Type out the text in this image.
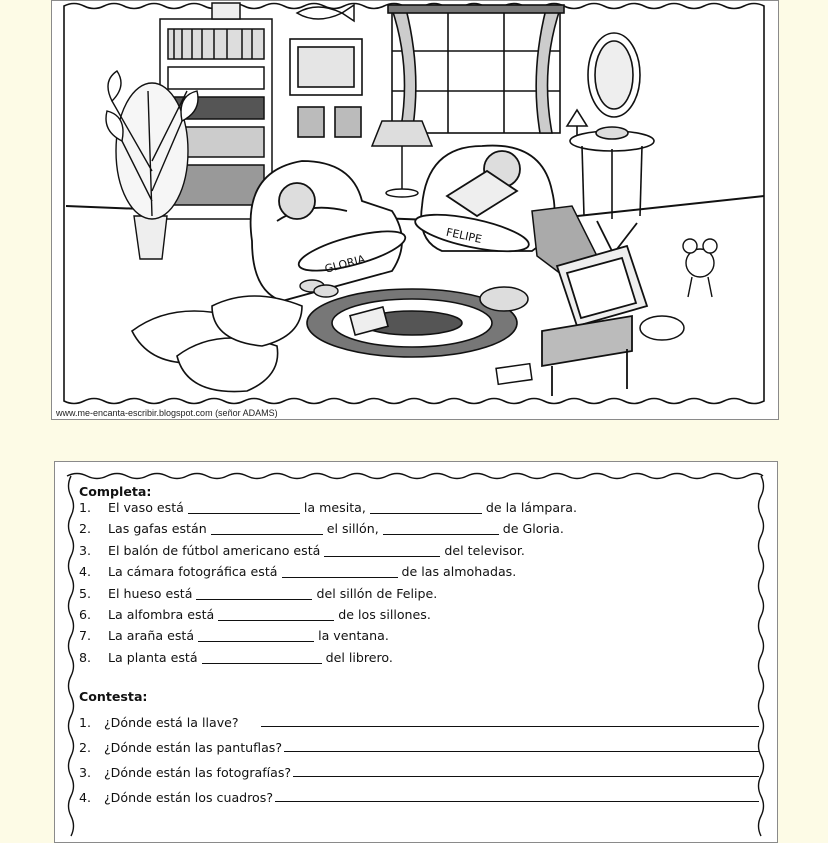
GLORIA
FELIPE
www.me-encanta-escribir.blogspot.com (señor ADAMS)
Completa:
1. El vaso está	la mesita,	de la lámpara.
2. Las gafas están	el sillón,	de Gloria.
3. El balón de fútbol americano está	del televisor.
4. La cámara fotográfica está	de las almohadas.
5. El hueso está	del sillón de Felipe.
6. La alfombra está	de los sillones.
7. La araña está	la ventana.
8. La planta está	del librero.
Contesta:
1.	¿Dónde está la llave?
2.	¿Dónde están las pantuflas?
3.	¿Dónde están las fotografías?
4.	¿Dónde están los cuadros?
